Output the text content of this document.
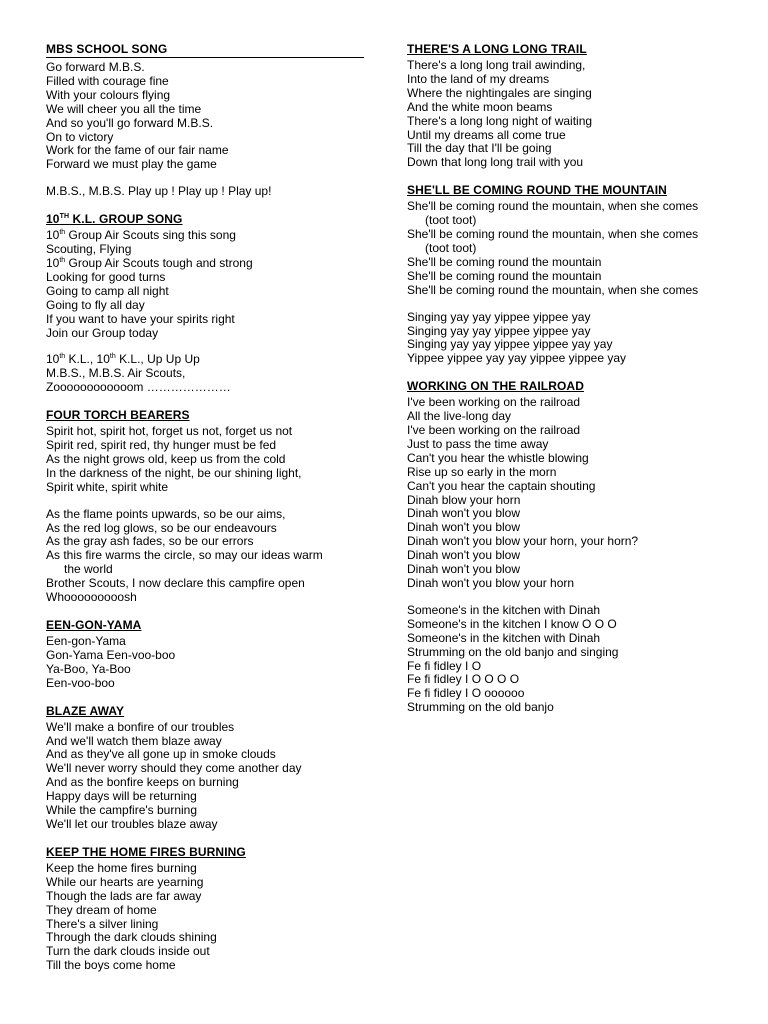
MBS SCHOOL SONG
Go forward M.B.S.
Filled with courage fine
With your colours flying
We will cheer you all the time
And so you'll go forward M.B.S.
On to victory
Work for the fame of our fair name
Forward we must play the game
M.B.S., M.B.S. Play up ! Play up ! Play up!
10TH K.L. GROUP SONG
10th Group Air Scouts sing this song
Scouting, Flying
10th Group Air Scouts tough and strong
Looking for good turns
Going to camp all night
Going to fly all day
If you want to have your spirits right
Join our Group today
10th K.L., 10th K.L., Up Up Up
M.B.S., M.B.S. Air Scouts,
Zoooooooooooom …………………
FOUR TORCH BEARERS
Spirit hot, spirit hot, forget us not, forget us not
Spirit red, spirit red, thy hunger must be fed
As the night grows old, keep us from the cold
In the darkness of the night, be our shining light,
Spirit white, spirit white
As the flame points upwards, so be our aims,
As the red log glows, so be our endeavours
As the gray ash fades, so be our errors
As this fire warms the circle, so may our ideas warm
the world
Brother Scouts, I now declare this campfire open
Whooooooooosh
EEN-GON-YAMA
Een-gon-Yama
Gon-Yama Een-voo-boo
Ya-Boo, Ya-Boo
Een-voo-boo
BLAZE AWAY
We'll make a bonfire of our troubles
And we'll watch them blaze away
And as they've all gone up in smoke clouds
We'll never worry should they come another day
And as the bonfire keeps on burning
Happy days will be returning
While the campfire's burning
We'll let our troubles blaze away
KEEP THE HOME FIRES BURNING
Keep the home fires burning
While our hearts are yearning
Though the lads are far away
They dream of home
There's a silver lining
Through the dark clouds shining
Turn the dark clouds inside out
Till the boys come home
THERE'S A LONG LONG TRAIL
There's a long long trail awinding,
Into the land of my dreams
Where the nightingales are singing
And the white moon beams
There's a long long night of waiting
Until my dreams all come true
Till the day that I'll be going
Down that long long trail with you
SHE'LL BE COMING ROUND THE MOUNTAIN
She'll be coming round the mountain, when she comes
(toot toot)
She'll be coming round the mountain, when she comes
(toot toot)
She'll be coming round the mountain
She'll be coming round the mountain
She'll be coming round the mountain, when she comes
Singing yay yay yippee yippee yay
Singing yay yay yippee yippee yay
Singing yay yay yippee yippee yay yay
Yippee yippee yay yay yippee yippee yay
WORKING ON THE RAILROAD
I've been working on the railroad
All the live-long day
I've been working on the railroad
Just to pass the time away
Can't you hear the whistle blowing
Rise up so early in the morn
Can't you hear the captain shouting
Dinah blow your horn
Dinah won't you blow
Dinah won't you blow
Dinah won't you blow your horn, your horn?
Dinah won't you blow
Dinah won't you blow
Dinah won't you blow your horn
Someone's in the kitchen with Dinah
Someone's in the kitchen I know O O O
Someone's in the kitchen with Dinah
Strumming on the old banjo and singing
Fe fi fidley I O
Fe fi fidley I O O O O
Fe fi fidley I O oooooo
Strumming on the old banjo
